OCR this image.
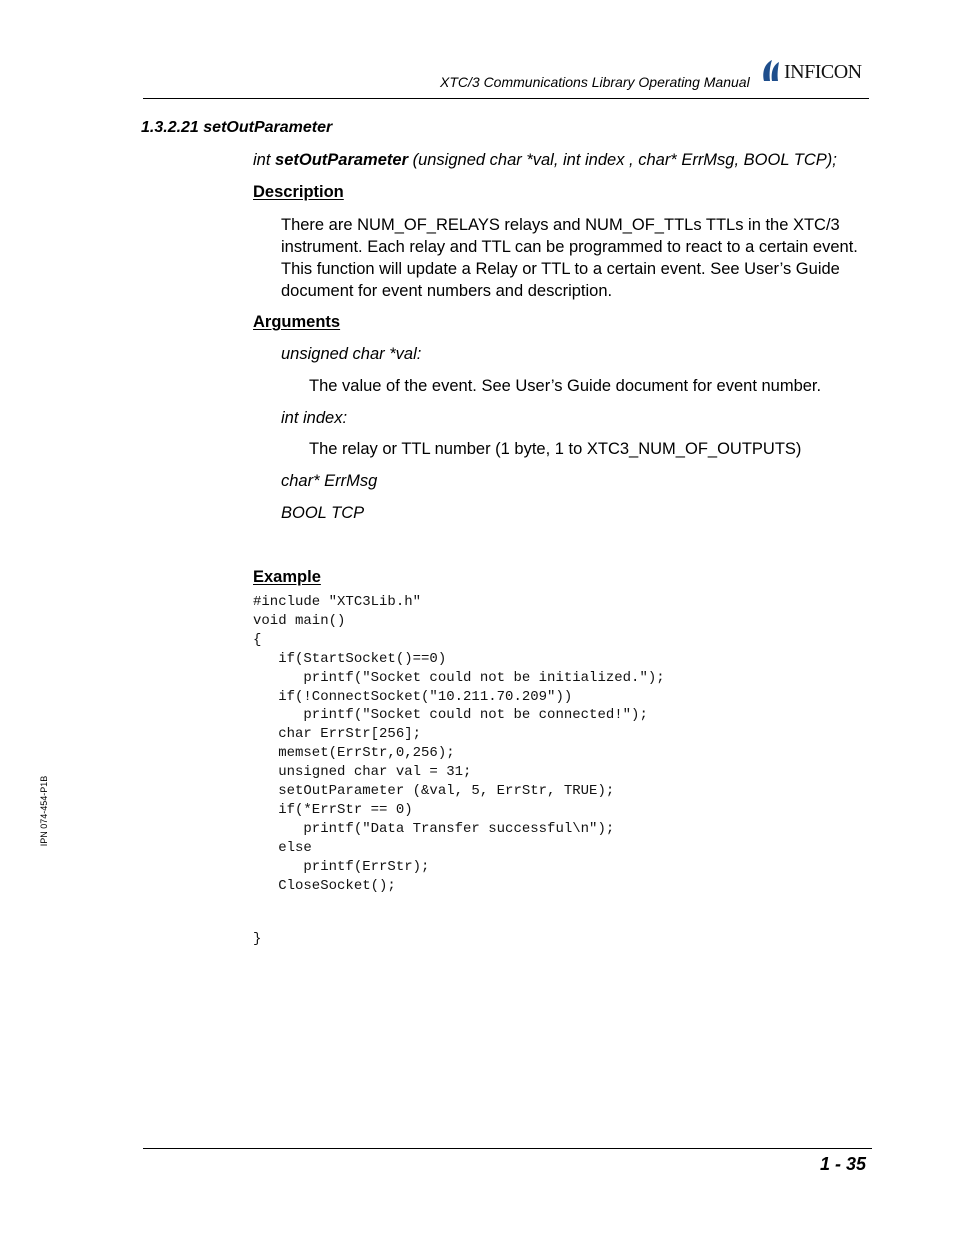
XTC/3 Communications Library Operating Manual INFICON
1.3.2.21 setOutParameter
int setOutParameter (unsigned char *val, int index , char* ErrMsg, BOOL TCP);
Description
There are NUM_OF_RELAYS relays and NUM_OF_TTLs TTLs in the XTC/3 instrument. Each relay and TTL can be programmed to react to a certain event. This function will update a Relay or TTL to a certain event. See User’s Guide document for event numbers and description.
Arguments
unsigned char *val:
The value of the event. See User’s Guide document for event number.
int index:
The relay or TTL number (1 byte, 1 to XTC3_NUM_OF_OUTPUTS)
char* ErrMsg
BOOL TCP
Example
#include "XTC3Lib.h"
void main()
{
if(StartSocket()==0)
printf("Socket could not be initialized.");
if(!ConnectSocket("10.211.70.209"))
printf("Socket could not be connected!");
char ErrStr[256];
memset(ErrStr,0,256);
unsigned char val = 31;
setOutParameter (&val, 5, ErrStr, TRUE);
if(*ErrStr == 0)
printf("Data Transfer successful\n");
else
printf(ErrStr);
CloseSocket();
}
IPN 074-454-P1B
1 - 35
